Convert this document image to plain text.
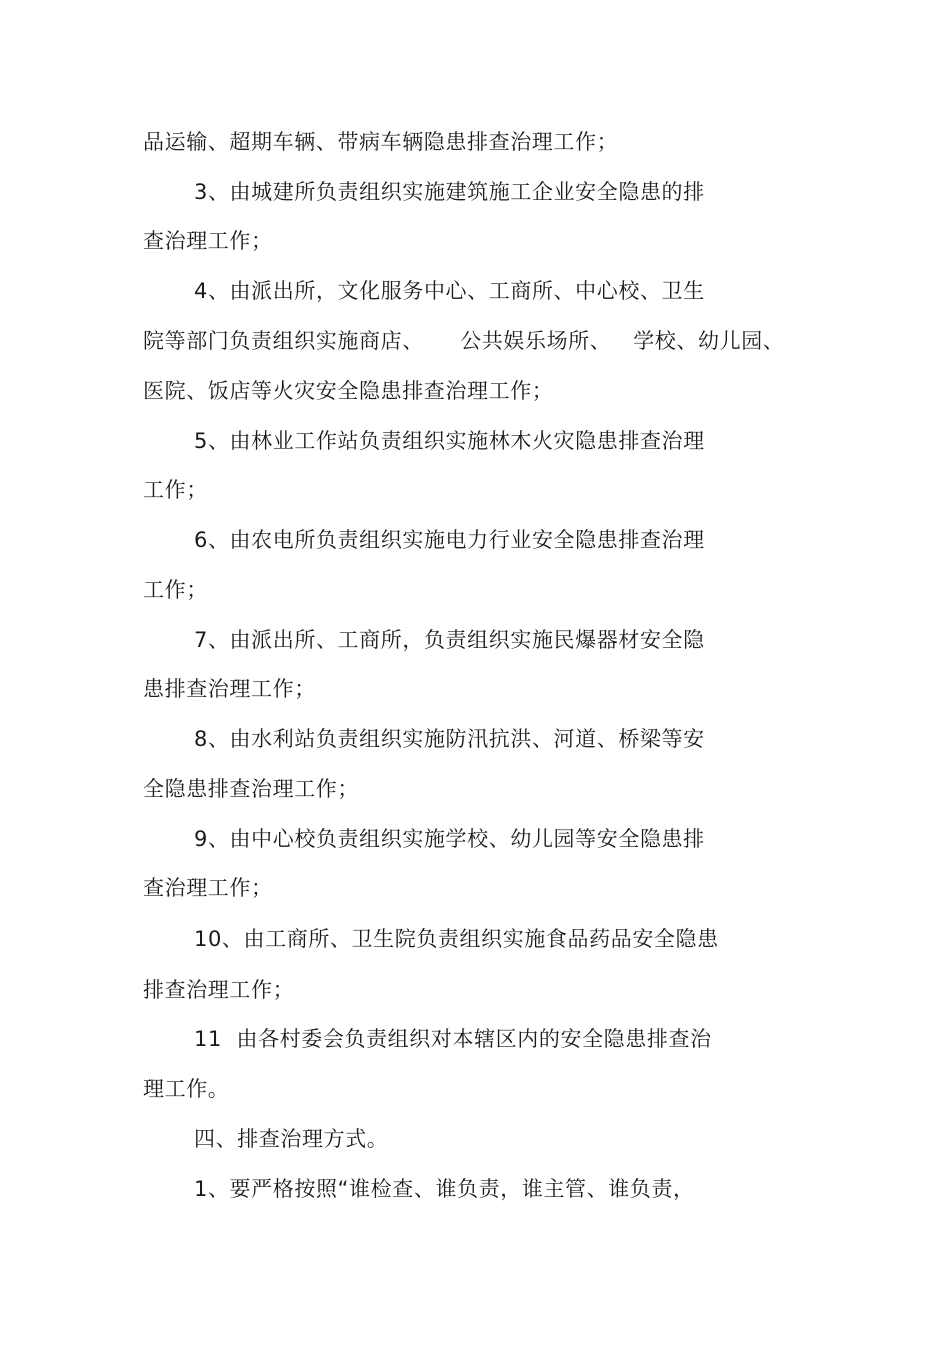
品运输、超期车辆、带病车辆隐患排查治理工作；
3、由城建所负责组织实施建筑施工企业安全隐患的排
查治理工作；
4、由派出所，文化服务中心、工商所、中心校、卫生
院等部门负责组织实施商店、     公共娱乐场所、   学校、幼儿园、
医院、饭店等火灾安全隐患排查治理工作；
5、由林业工作站负责组织实施林木火灾隐患排查治理
工作；
6、由农电所负责组织实施电力行业安全隐患排查治理
工作；
7、由派出所、工商所，负责组织实施民爆器材安全隐
患排查治理工作；
8、由水利站负责组织实施防汛抗洪、河道、桥梁等安
全隐患排查治理工作；
9、由中心校负责组织实施学校、幼儿园等安全隐患排
查治理工作；
10、由工商所、卫生院负责组织实施食品药品安全隐患
排查治理工作；
11  由各村委会负责组织对本辖区内的安全隐患排查治
理工作。
四、排查治理方式。
1、要严格按照“谁检查、谁负责，谁主管、谁负责，
